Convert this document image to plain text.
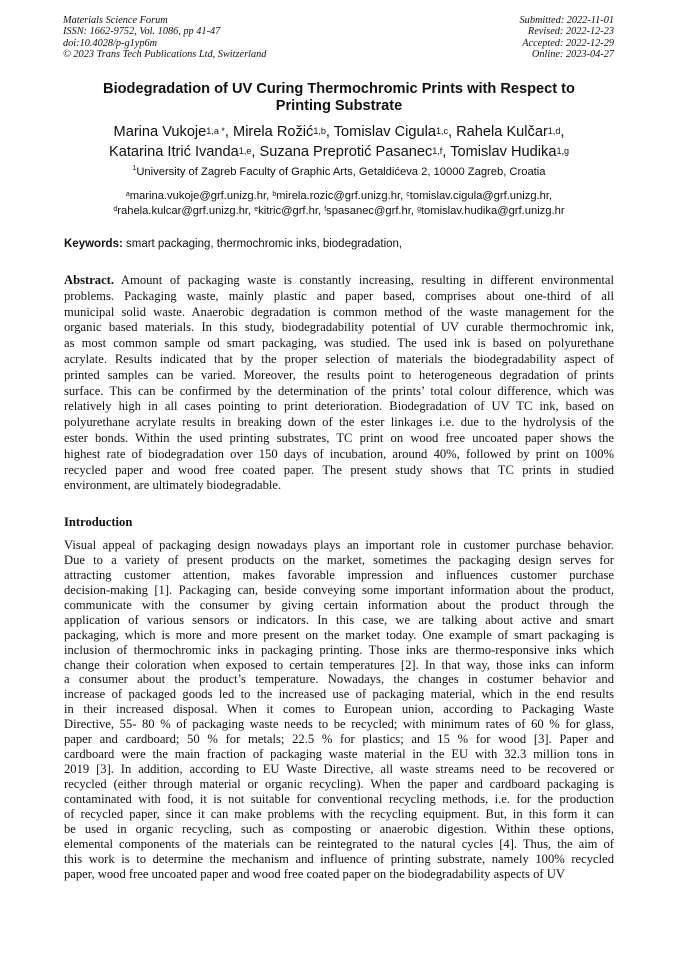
Materials Science Forum
ISSN: 1662-9752, Vol. 1086, pp 41-47
doi:10.4028/p-g1yp6m
© 2023 Trans Tech Publications Ltd, Switzerland
Submitted: 2022-11-01
Revised: 2022-12-23
Accepted: 2022-12-29
Online: 2023-04-27
Biodegradation of UV Curing Thermochromic Prints with Respect to
Printing Substrate
Marina Vukoje$^{1,a *}$, Mirela Rožić$^{1,b}$, Tomislav Cigula$^{1,c}$, Rahela Kulčar$^{1,d}$,
Katarina Itrić Ivanda$^{1,e}$, Suzana Preprotić Pasanec$^{1,f}$, Tomislav Hudika$^{1,g}$
$^1$University of Zagreb Faculty of Graphic Arts, Getaldićeva 2, 10000 Zagreb, Croatia
$^a$marina.vukoje@grf.unizg.hr, $^b$mirela.rozic@grf.unizg.hr, $^c$tomislav.cigula@grf.unizg.hr,
$^d$rahela.kulcar@grf.unizg.hr, $^e$kitric@grf.hr, $^f$spasanec@grf.hr, $^g$tomislav.hudika@grf.unizg.hr
Keywords: smart packaging, thermochromic inks, biodegradation,
Abstract. Amount of packaging waste is constantly increasing, resulting in different environmental
problems. Packaging waste, mainly plastic and paper based, comprises about one-third of all
municipal solid waste. Anaerobic degradation is common method of the waste management for the
organic based materials. In this study, biodegradability potential of UV curable thermochromic ink,
as most common sample od smart packaging, was studied. The used ink is based on polyurethane
acrylate. Results indicated that by the proper selection of materials the biodegradability aspect of
printed samples can be varied. Moreover, the results point to heterogeneous degradation of prints
surface. This can be confirmed by the determination of the prints’ total colour difference, which was
relatively high in all cases pointing to print deterioration. Biodegradation of UV TC ink, based on
polyurethane acrylate results in breaking down of the ester linkages i.e. due to the hydrolysis of the
ester bonds. Within the used printing substrates, TC print on wood free uncoated paper shows the
highest rate of biodegradation over 150 days of incubation, around 40%, followed by print on 100%
recycled paper and wood free coated paper. The present study shows that TC prints in studied
environment, are ultimately biodegradable.
Introduction
Visual appeal of packaging design nowadays plays an important role in customer purchase behavior.
Due to a variety of present products on the market, sometimes the packaging design serves for
attracting customer attention, makes favorable impression and influences customer purchase
decision-making [1]. Packaging can, beside conveying some important information about the product,
communicate with the consumer by giving certain information about the product through the
application of various sensors or indicators. In this case, we are talking about active and smart
packaging, which is more and more present on the market today. One example of smart packaging is
inclusion of thermochromic inks in packaging printing. Those inks are thermo-responsive inks which
change their coloration when exposed to certain temperatures [2]. In that way, those inks can inform
a consumer about the product’s temperature. Nowadays, the changes in costumer behavior and
increase of packaged goods led to the increased use of packaging material, which in the end results
in their increased disposal. When it comes to European union, according to Packaging Waste
Directive, 55- 80 % of packaging waste needs to be recycled; with minimum rates of 60 % for glass,
paper and cardboard; 50 % for metals; 22.5 % for plastics; and 15 % for wood [3]. Paper and
cardboard were the main fraction of packaging waste material in the EU with 32.3 million tons in
2019 [3]. In addition, according to EU Waste Directive, all waste streams need to be recovered or
recycled (either through material or organic recycling). When the paper and cardboard packaging is
contaminated with food, it is not suitable for conventional recycling methods, i.e. for the production
of recycled paper, since it can make problems with the recycling equipment. But, in this form it can
be used in organic recycling, such as composting or anaerobic digestion. Within these options,
elemental components of the materials can be reintegrated to the natural cycles [4]. Thus, the aim of
this work is to determine the mechanism and influence of printing substrate, namely 100% recycled
paper, wood free uncoated paper and wood free coated paper on the biodegradability aspects of UV
